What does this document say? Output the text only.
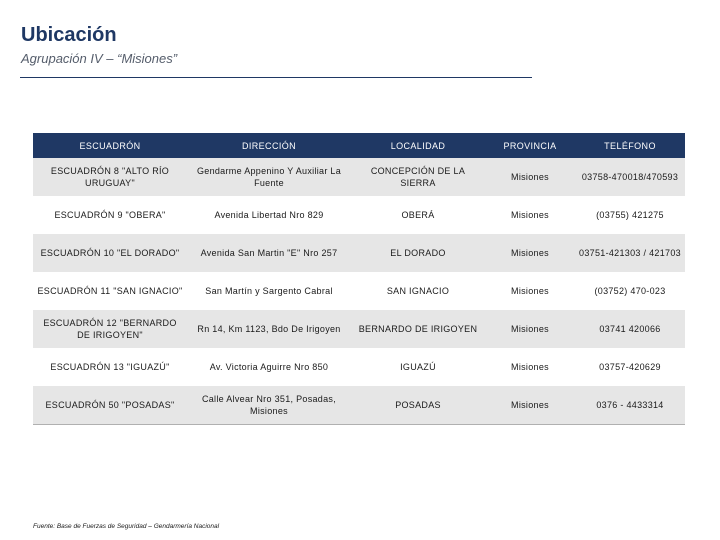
Ubicación
Agrupación IV – “Misiones”
ESCUADRÓN	DIRECCIÓN	LOCALIDAD	PROVINCIA	TELÉFONO
ESCUADRÓN 8 "ALTO RÍO URUGUAY"	Gendarme Appenino Y Auxiliar La Fuente	CONCEPCIÓN DE LA SIERRA	Misiones	03758-470018/470593
ESCUADRÓN 9 "OBERA"	Avenida Libertad Nro 829	OBERÁ	Misiones	(03755) 421275
ESCUADRÓN 10 "EL DORADO"	Avenida San Martin "E" Nro 257	EL DORADO	Misiones	03751-421303 / 421703
ESCUADRÓN 11 "SAN IGNACIO"	San Martín y Sargento Cabral	SAN IGNACIO	Misiones	(03752) 470-023
ESCUADRÓN 12 "BERNARDO DE IRIGOYEN"	Rn 14, Km 1123, Bdo De Irigoyen	BERNARDO DE IRIGOYEN	Misiones	03741 420066
ESCUADRÓN 13 "IGUAZÚ"	Av. Victoria Aguirre Nro 850	IGUAZÚ	Misiones	03757-420629
ESCUADRÓN 50 "POSADAS"	Calle Alvear Nro 351, Posadas, Misiones	POSADAS	Misiones	0376 - 4433314
Fuente: Base de Fuerzas de Seguridad – Gendarmería Nacional
